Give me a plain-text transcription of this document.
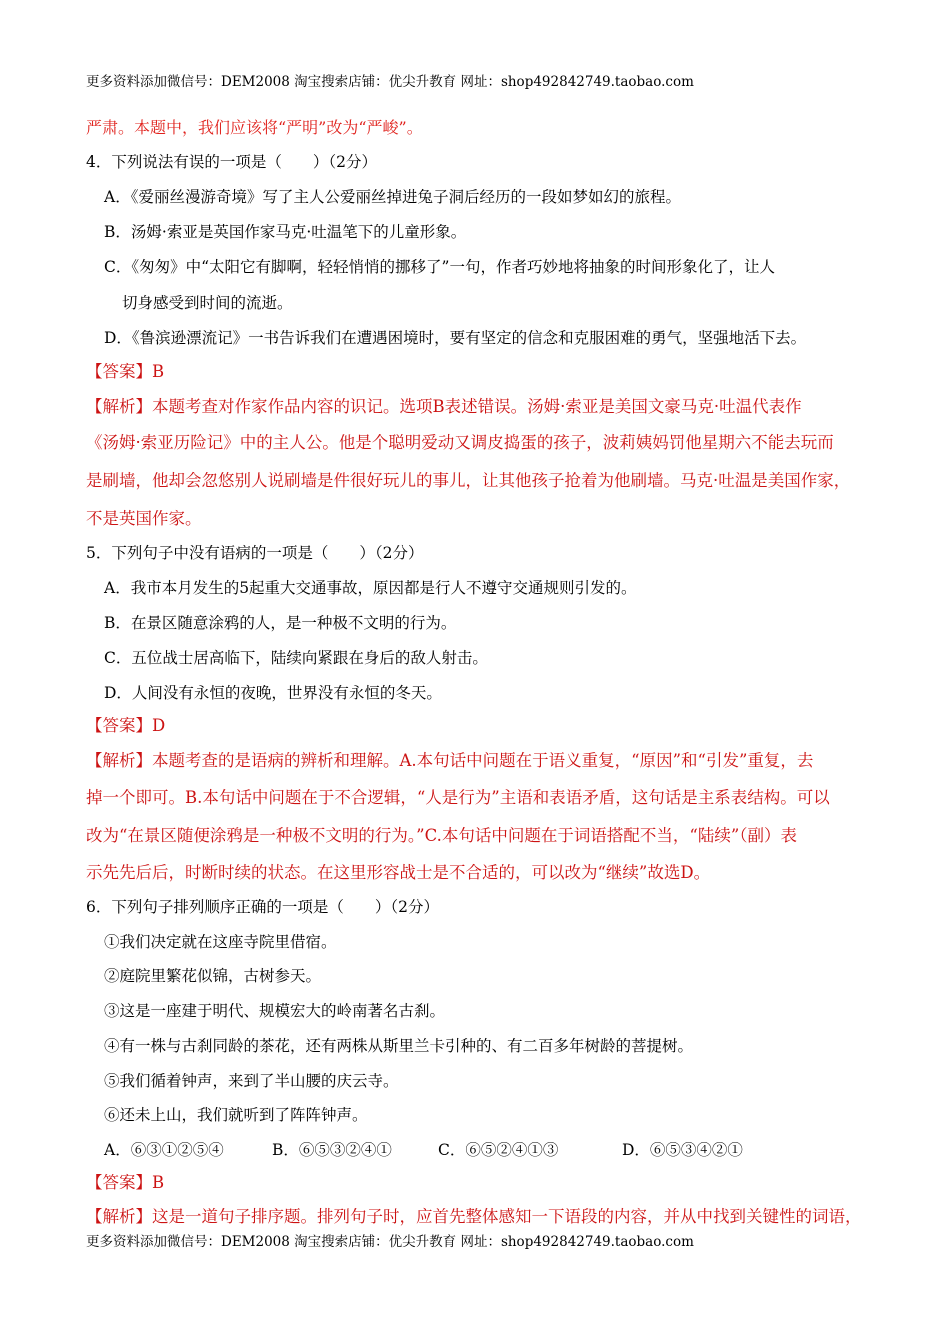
更多资料添加微信号：DEM2008 淘宝搜索店铺：优尖升教育 网址：shop492842749.taobao.com
严肃。本题中，我们应该将“严明”改为“严峻”。
4．下列说法有误的一项是（　　）（2分）
A．《爱丽丝漫游奇境》写了主人公爱丽丝掉进兔子洞后经历的一段如梦如幻的旅程。
B．汤姆·索亚是英国作家马克·吐温笔下的儿童形象。
C．《匆匆》中“太阳它有脚啊，轻轻悄悄的挪移了”一句，作者巧妙地将抽象的时间形象化了，让人
切身感受到时间的流逝。
D．《鲁滨逊漂流记》一书告诉我们在遭遇困境时，要有坚定的信念和克服困难的勇气，坚强地活下去。
【答案】B
【解析】本题考查对作家作品内容的识记。选项B表述错误。汤姆·索亚是美国文豪马克·吐温代表作
《汤姆·索亚历险记》中的主人公。他是个聪明爱动又调皮捣蛋的孩子，波莉姨妈罚他星期六不能去玩而
是刷墙，他却会忽悠别人说刷墙是件很好玩儿的事儿，让其他孩子抢着为他刷墙。马克·吐温是美国作家，
不是英国作家。
5．下列句子中没有语病的一项是（　　）（2分）
A．我市本月发生的5起重大交通事故，原因都是行人不遵守交通规则引发的。
B．在景区随意涂鸦的人，是一种极不文明的行为。
C．五位战士居高临下，陆续向紧跟在身后的敌人射击。
D．人间没有永恒的夜晚，世界没有永恒的冬天。
【答案】D
【解析】本题考查的是语病的辨析和理解。A.本句话中问题在于语义重复，“原因”和“引发”重复，去
掉一个即可。B.本句话中问题在于不合逻辑，“人是行为”主语和表语矛盾，这句话是主系表结构。可以
改为“在景区随便涂鸦是一种极不文明的行为。”C.本句话中问题在于词语搭配不当，“陆续”（副）表
示先先后后，时断时续的状态。在这里形容战士是不合适的，可以改为“继续”故选D。
6．下列句子排列顺序正确的一项是（　　）（2分）
①我们决定就在这座寺院里借宿。
②庭院里繁花似锦，古树参天。
③这是一座建于明代、规模宏大的岭南著名古刹。
④有一株与古刹同龄的茶花，还有两株从斯里兰卡引种的、有二百多年树龄的菩提树。
⑤我们循着钟声，来到了半山腰的庆云寺。
⑥还未上山，我们就听到了阵阵钟声。
A．⑥③①②⑤④	B．⑥⑤③②④①	C．⑥⑤②④①③	D．⑥⑤③④②①
【答案】B
【解析】这是一道句子排序题。排列句子时，应首先整体感知一下语段的内容，并从中找到关键性的词语，
更多资料添加微信号：DEM2008 淘宝搜索店铺：优尖升教育 网址：shop492842749.taobao.com
